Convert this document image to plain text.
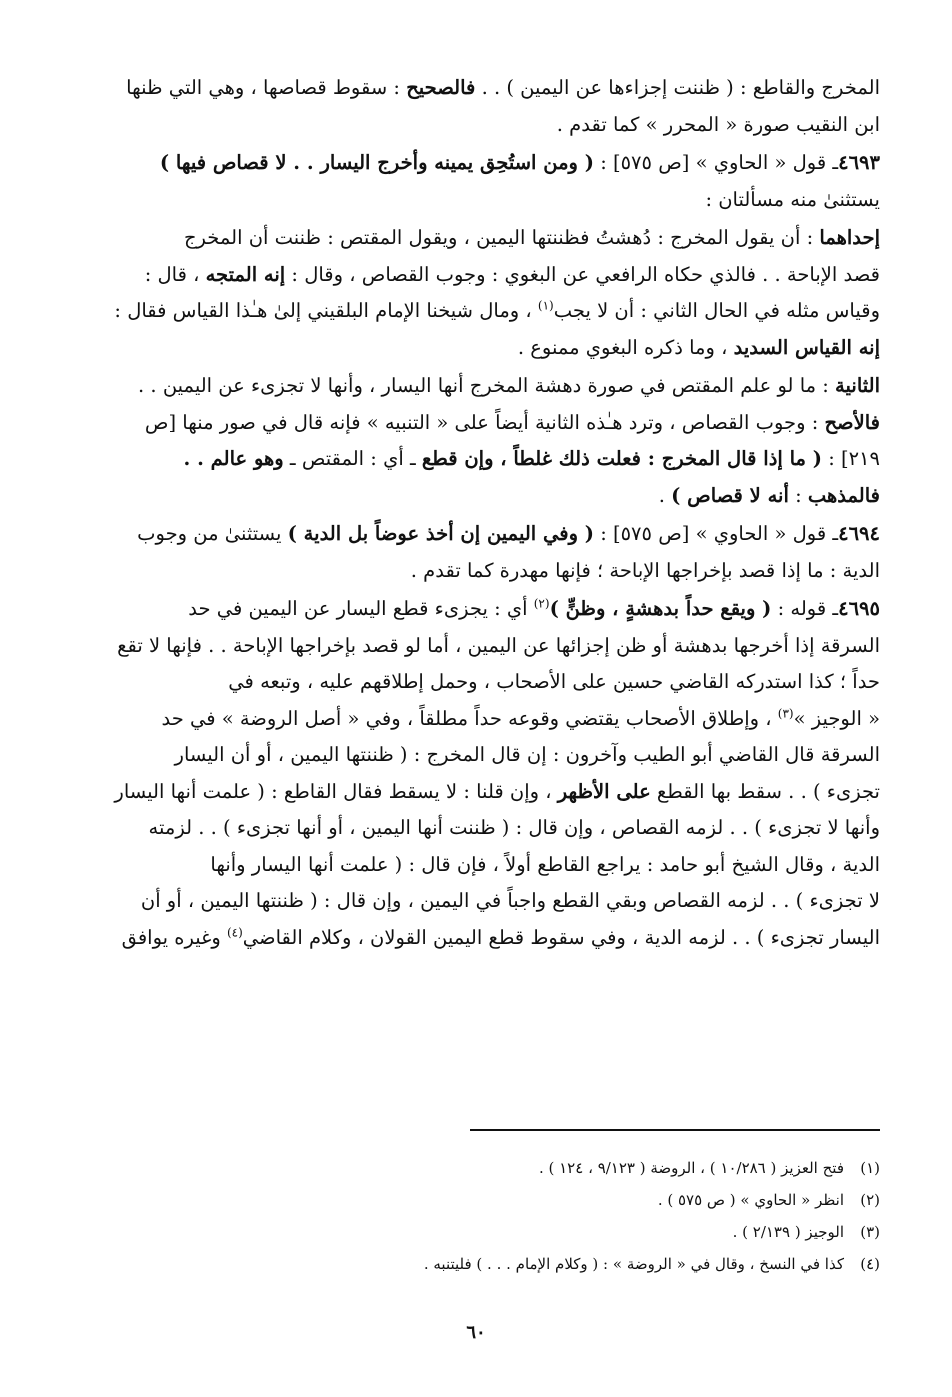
المخرج والقاطع : ( ظننت إجزاءها عن اليمين ) . . فالصحيح : سقوط قصاصها ، وهي التي ظنها
ابن النقيب صورة « المحرر » كما تقدم .
٤٦٩٣ـ قول « الحاوي » [ص ٥٧٥] : ( ومن استُحِق يمينه وأخرج اليسار . . لا قصاص فيها )
يستثنىٰ منه مسألتان :
إحداهما : أن يقول المخرج : دُهشتُ فظننتها اليمين ، ويقول المقتص : ظننت أن المخرج
قصد الإباحة . . فالذي حكاه الرافعي عن البغوي : وجوب القصاص ، وقال : إنه المتجه ، قال :
وقياس مثله في الحال الثاني : أن لا يجب$^{(١)}$ ، ومال شيخنا الإمام البلقيني إلىٰ هـٰذا القياس فقال :
إنه القياس السديد ، وما ذكره البغوي ممنوع .
الثانية : ما لو علم المقتص في صورة دهشة المخرج أنها اليسار ، وأنها لا تجزىء عن اليمين . .
فالأصح : وجوب القصاص ، وترد هـٰذه الثانية أيضاً على « التنبيه » فإنه قال في صور منها [ص
٢١٩] : ( ما إذا قال المخرج : فعلت ذلك غلطاً ، وإن قطع ـ أي : المقتص ـ وهو عالم . .
فالمذهب : أنه لا قصاص ) .
٤٦٩٤ـ قول « الحاوي » [ص ٥٧٥] : ( وفي اليمين إن أخذ عوضاً بل الدية ) يستثنىٰ من وجوب
الدية : ما إذا قصد بإخراجها الإباحة ؛ فإنها مهدرة كما تقدم .
٤٦٩٥ـ قوله : ( ويقع حداً بدهشةٍ ، وظنٍّ )$^{(٢)}$ أي : يجزىء قطع اليسار عن اليمين في حد
السرقة إذا أخرجها بدهشة أو ظن إجزائها عن اليمين ، أما لو قصد بإخراجها الإباحة . . فإنها لا تقع
حداً ؛ كذا استدركه القاضي حسين على الأصحاب ، وحمل إطلاقهم عليه ، وتبعه في
« الوجيز »$^{(٣)}$ ، وإطلاق الأصحاب يقتضي وقوعه حداً مطلقاً ، وفي « أصل الروضة » في حد
السرقة قال القاضي أبو الطيب وآخرون : إن قال المخرج : ( ظننتها اليمين ، أو أن اليسار
تجزىء ) . . سقط بها القطع على الأظهر ، وإن قلنا : لا يسقط فقال القاطع : ( علمت أنها اليسار
وأنها لا تجزىء ) . . لزمه القصاص ، وإن قال : ( ظننت أنها اليمين ، أو أنها تجزىء ) . . لزمته
الدية ، وقال الشيخ أبو حامد : يراجع القاطع أولاً ، فإن قال : ( علمت أنها اليسار وأنها
لا تجزىء ) . . لزمه القصاص وبقي القطع واجباً في اليمين ، وإن قال : ( ظننتها اليمين ، أو أن
اليسار تجزىء ) . . لزمه الدية ، وفي سقوط قطع اليمين القولان ، وكلام القاضي$^{(٤)}$ وغيره يوافق
(١)فتح العزيز ( ١٠/٢٨٦ ) ، الروضة ( ٩/١٢٣ ، ١٢٤ ) .
(٢)انظر « الحاوي » ( ص ٥٧٥ ) .
(٣)الوجيز ( ٢/١٣٩ ) .
(٤)كذا في النسخ ، وقال في « الروضة » : ( وكلام الإمام . . . ) فليتنبه .
٦٠
